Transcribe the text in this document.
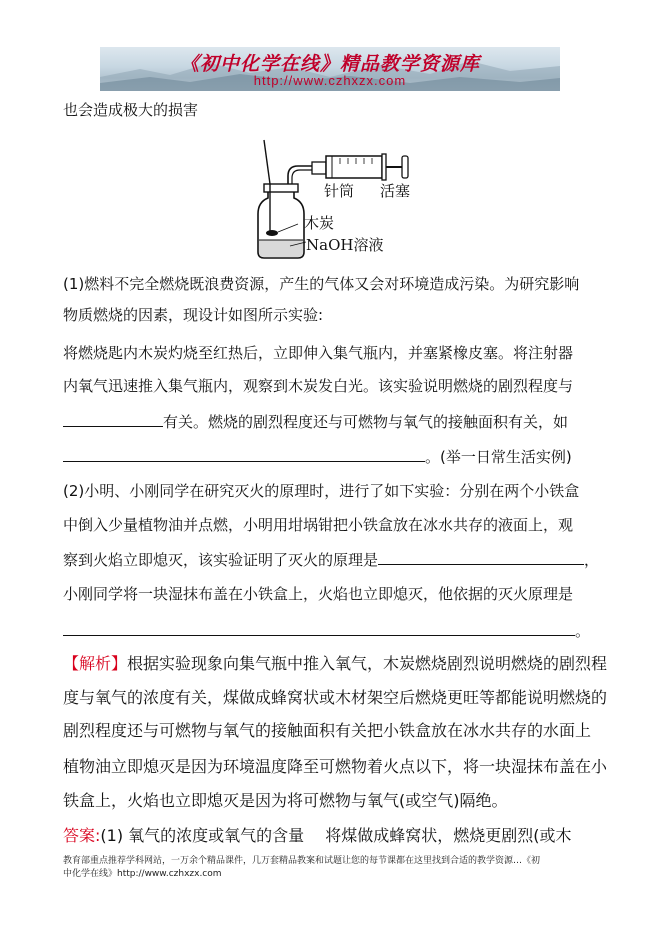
《初中化学在线》精品教学资源库
http://www.czhxzx.com
也会造成极大的损害
针筒 活塞
木炭
NaOH溶液
(1)燃料不完全燃烧既浪费资源，产生的气体又会对环境造成污染。为研究影响
物质燃烧的因素，现设计如图所示实验:
将燃烧匙内木炭灼烧至红热后，立即伸入集气瓶内，并塞紧橡皮塞。将注射器
内氧气迅速推入集气瓶内，观察到木炭发白光。该实验说明燃烧的剧烈程度与
有关。燃烧的剧烈程度还与可燃物与氧气的接触面积有关，如
。(举一日常生活实例)
(2)小明、小刚同学在研究灭火的原理时，进行了如下实验：分别在两个小铁盒
中倒入少量植物油并点燃，小明用坩埚钳把小铁盒放在冰水共存的液面上，观
察到火焰立即熄灭，该实验证明了灭火的原理是	，
小刚同学将一块湿抹布盖在小铁盒上，火焰也立即熄灭，他依据的灭火原理是
。
【解析】根据实验现象向集气瓶中推入氧气，木炭燃烧剧烈说明燃烧的剧烈程
度与氧气的浓度有关，煤做成蜂窝状或木材架空后燃烧更旺等都能说明燃烧的
剧烈程度还与可燃物与氧气的接触面积有关把小铁盒放在冰水共存的水面上
植物油立即熄灭是因为环境温度降至可燃物着火点以下，将一块湿抹布盖在小
铁盒上，火焰也立即熄灭是因为将可燃物与氧气(或空气)隔绝。
答案:(1) 氧气的浓度或氧气的含量　 将煤做成蜂窝状，燃烧更剧烈(或木
教育部重点推荐学科网站，一万余个精品课件，几万套精品教案和试题让您的每节课都在这里找到合适的教学资源…《初
中化学在线》http://www.czhxzx.com
